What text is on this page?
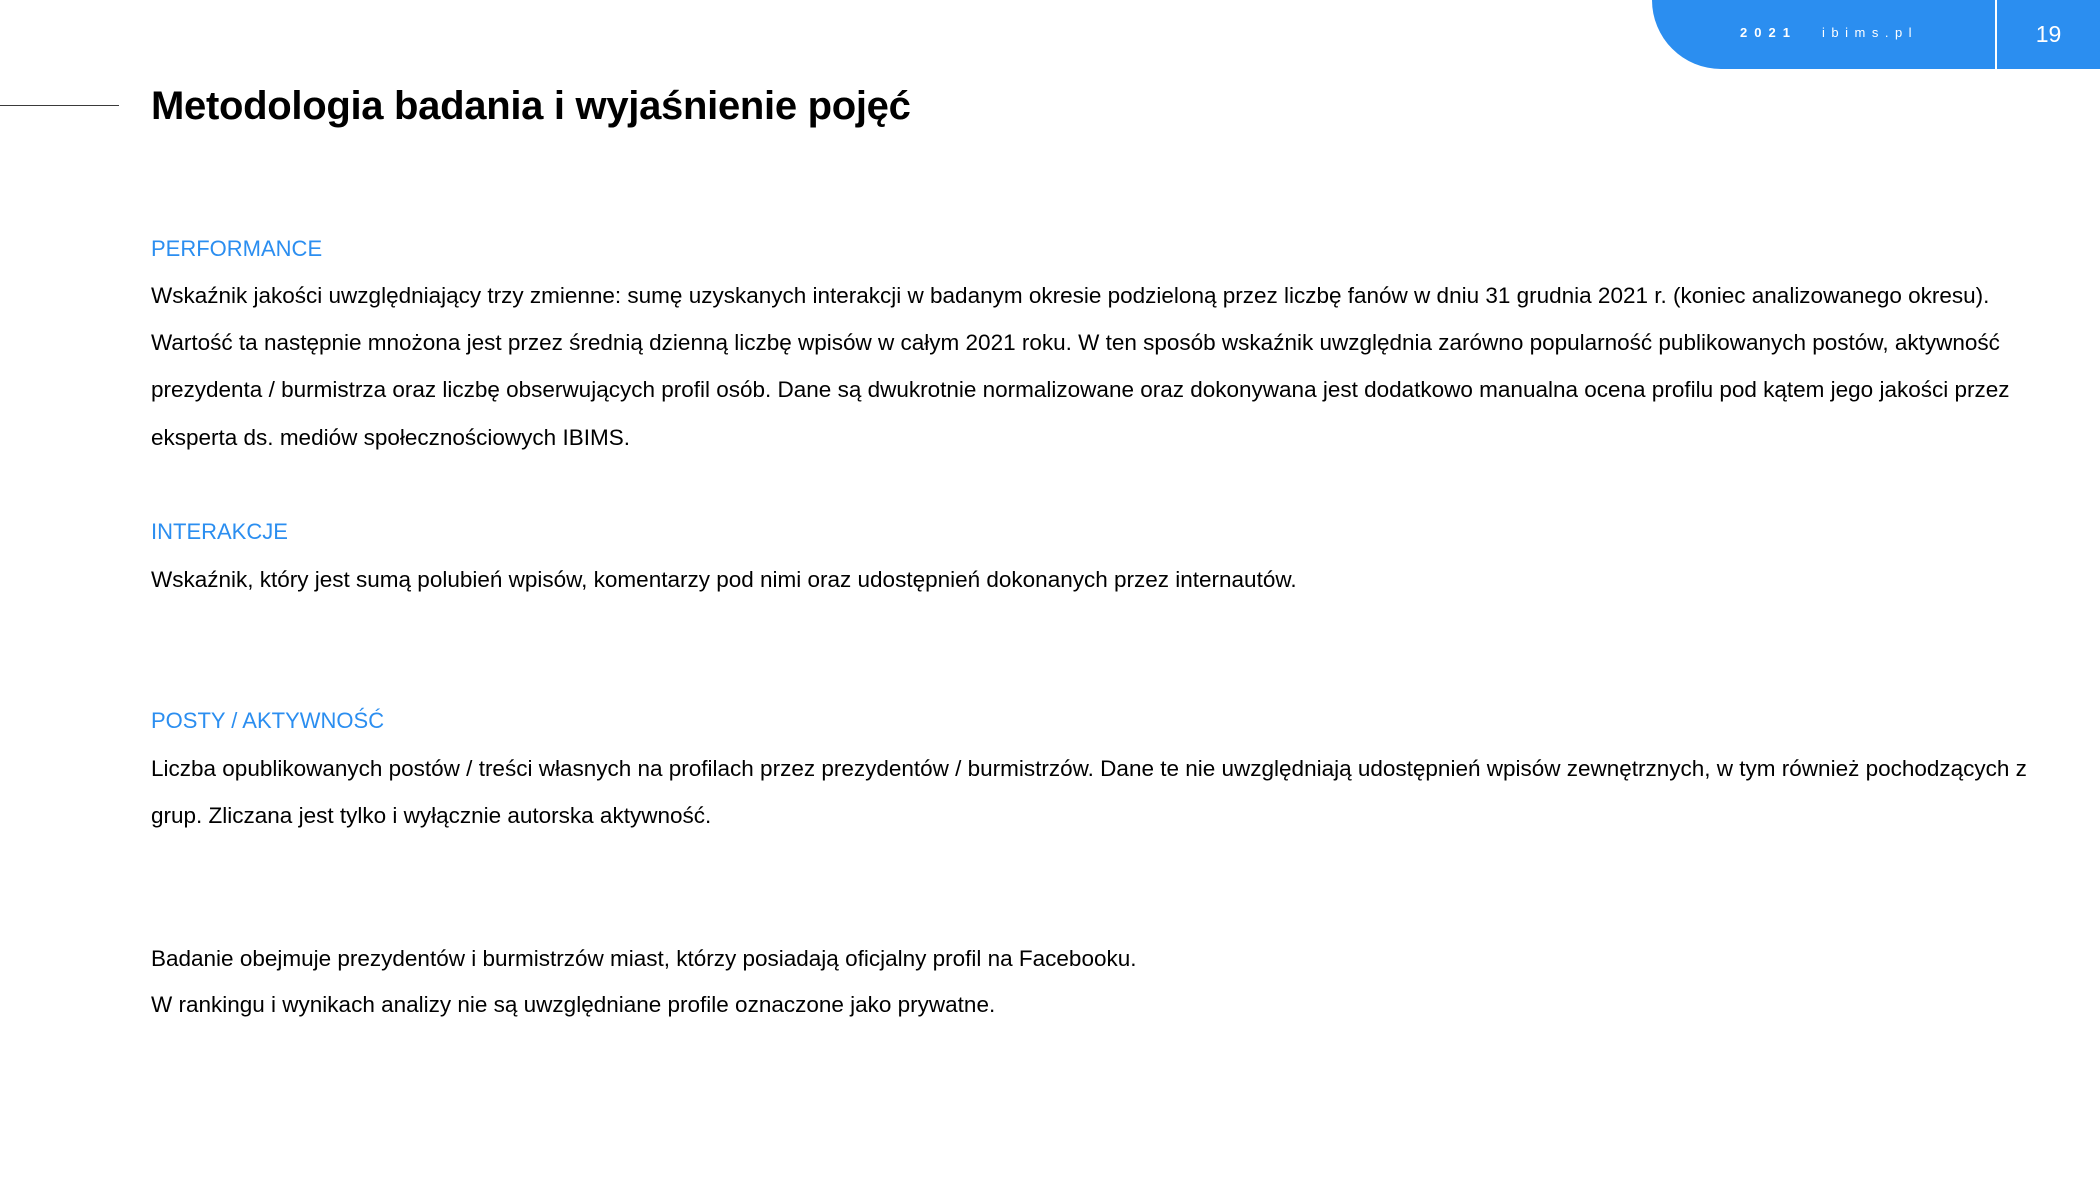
2021 ibims.pl	19
Metodologia badania i wyjaśnienie pojęć
PERFORMANCE

Wskaźnik jakości uwzględniający trzy zmienne: sumę uzyskanych interakcji w badanym okresie podzieloną przez liczbę fanów w dniu 31 grudnia 2021 r. (koniec analizowanego okresu). Wartość ta następnie mnożona jest przez średnią dzienną liczbę wpisów w całym 2021 roku. W ten sposób wskaźnik uwzględnia zarówno popularność publikowanych postów, aktywność prezydenta / burmistrza oraz liczbę obserwujących profil osób. Dane są dwukrotnie normalizowane oraz dokonywana jest dodatkowo manualna ocena profilu pod kątem jego jakości przez eksperta ds. mediów społecznościowych IBIMS.

INTERAKCJE

Wskaźnik, który jest sumą polubień wpisów, komentarzy pod nimi oraz udostępnień dokonanych przez internautów.

POSTY / AKTYWNOŚĆ

Liczba opublikowanych postów / treści własnych na profilach przez prezydentów / burmistrzów. Dane te nie uwzględniają udostępnień wpisów zewnętrznych, w tym również pochodzących z grup. Zliczana jest tylko i wyłącznie autorska aktywność.

Badanie obejmuje prezydentów i burmistrzów miast, którzy posiadają oficjalny profil na Facebooku.

W rankingu i wynikach analizy nie są uwzględniane profile oznaczone jako prywatne.
